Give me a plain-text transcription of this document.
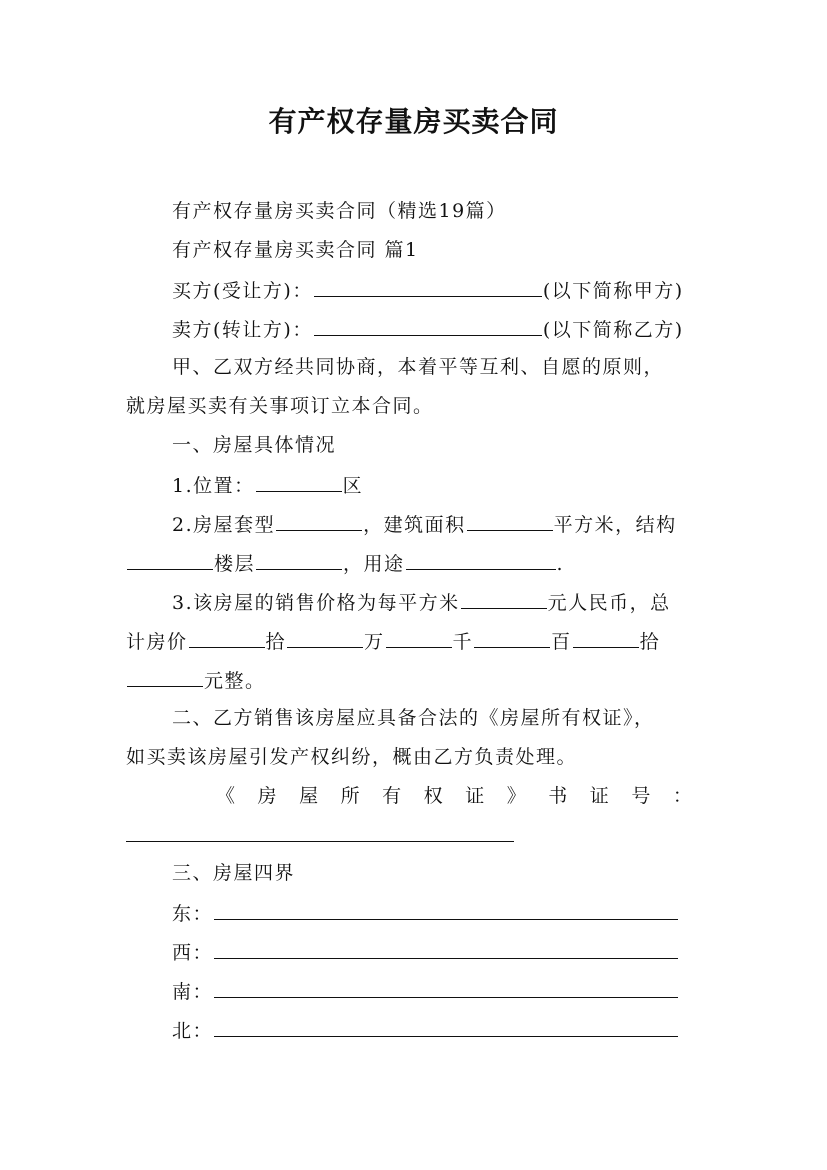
有产权存量房买卖合同
有产权存量房买卖合同（精选19篇）
有产权存量房买卖合同 篇1
买方(受让方)：	(以下简称甲方)
卖方(转让方)：	(以下简称乙方)
甲、乙双方经共同协商，本着平等互利、自愿的原则，
就房屋买卖有关事项订立本合同。
一、房屋具体情况
1.位置：	区
2.房屋套型	，建筑面积	平方米，结构
楼层	，用途	.
3.该房屋的销售价格为每平方米	元人民币，总
计房价	拾	万	千	百	拾
元整。
二、乙方销售该房屋应具备合法的《房屋所有权证》，
如买卖该房屋引发产权纠纷，概由乙方负责处理。
《 房 屋 所 有 权 证 》 书 证 号 ：
三、房屋四界
东：
西：
南：
北：
